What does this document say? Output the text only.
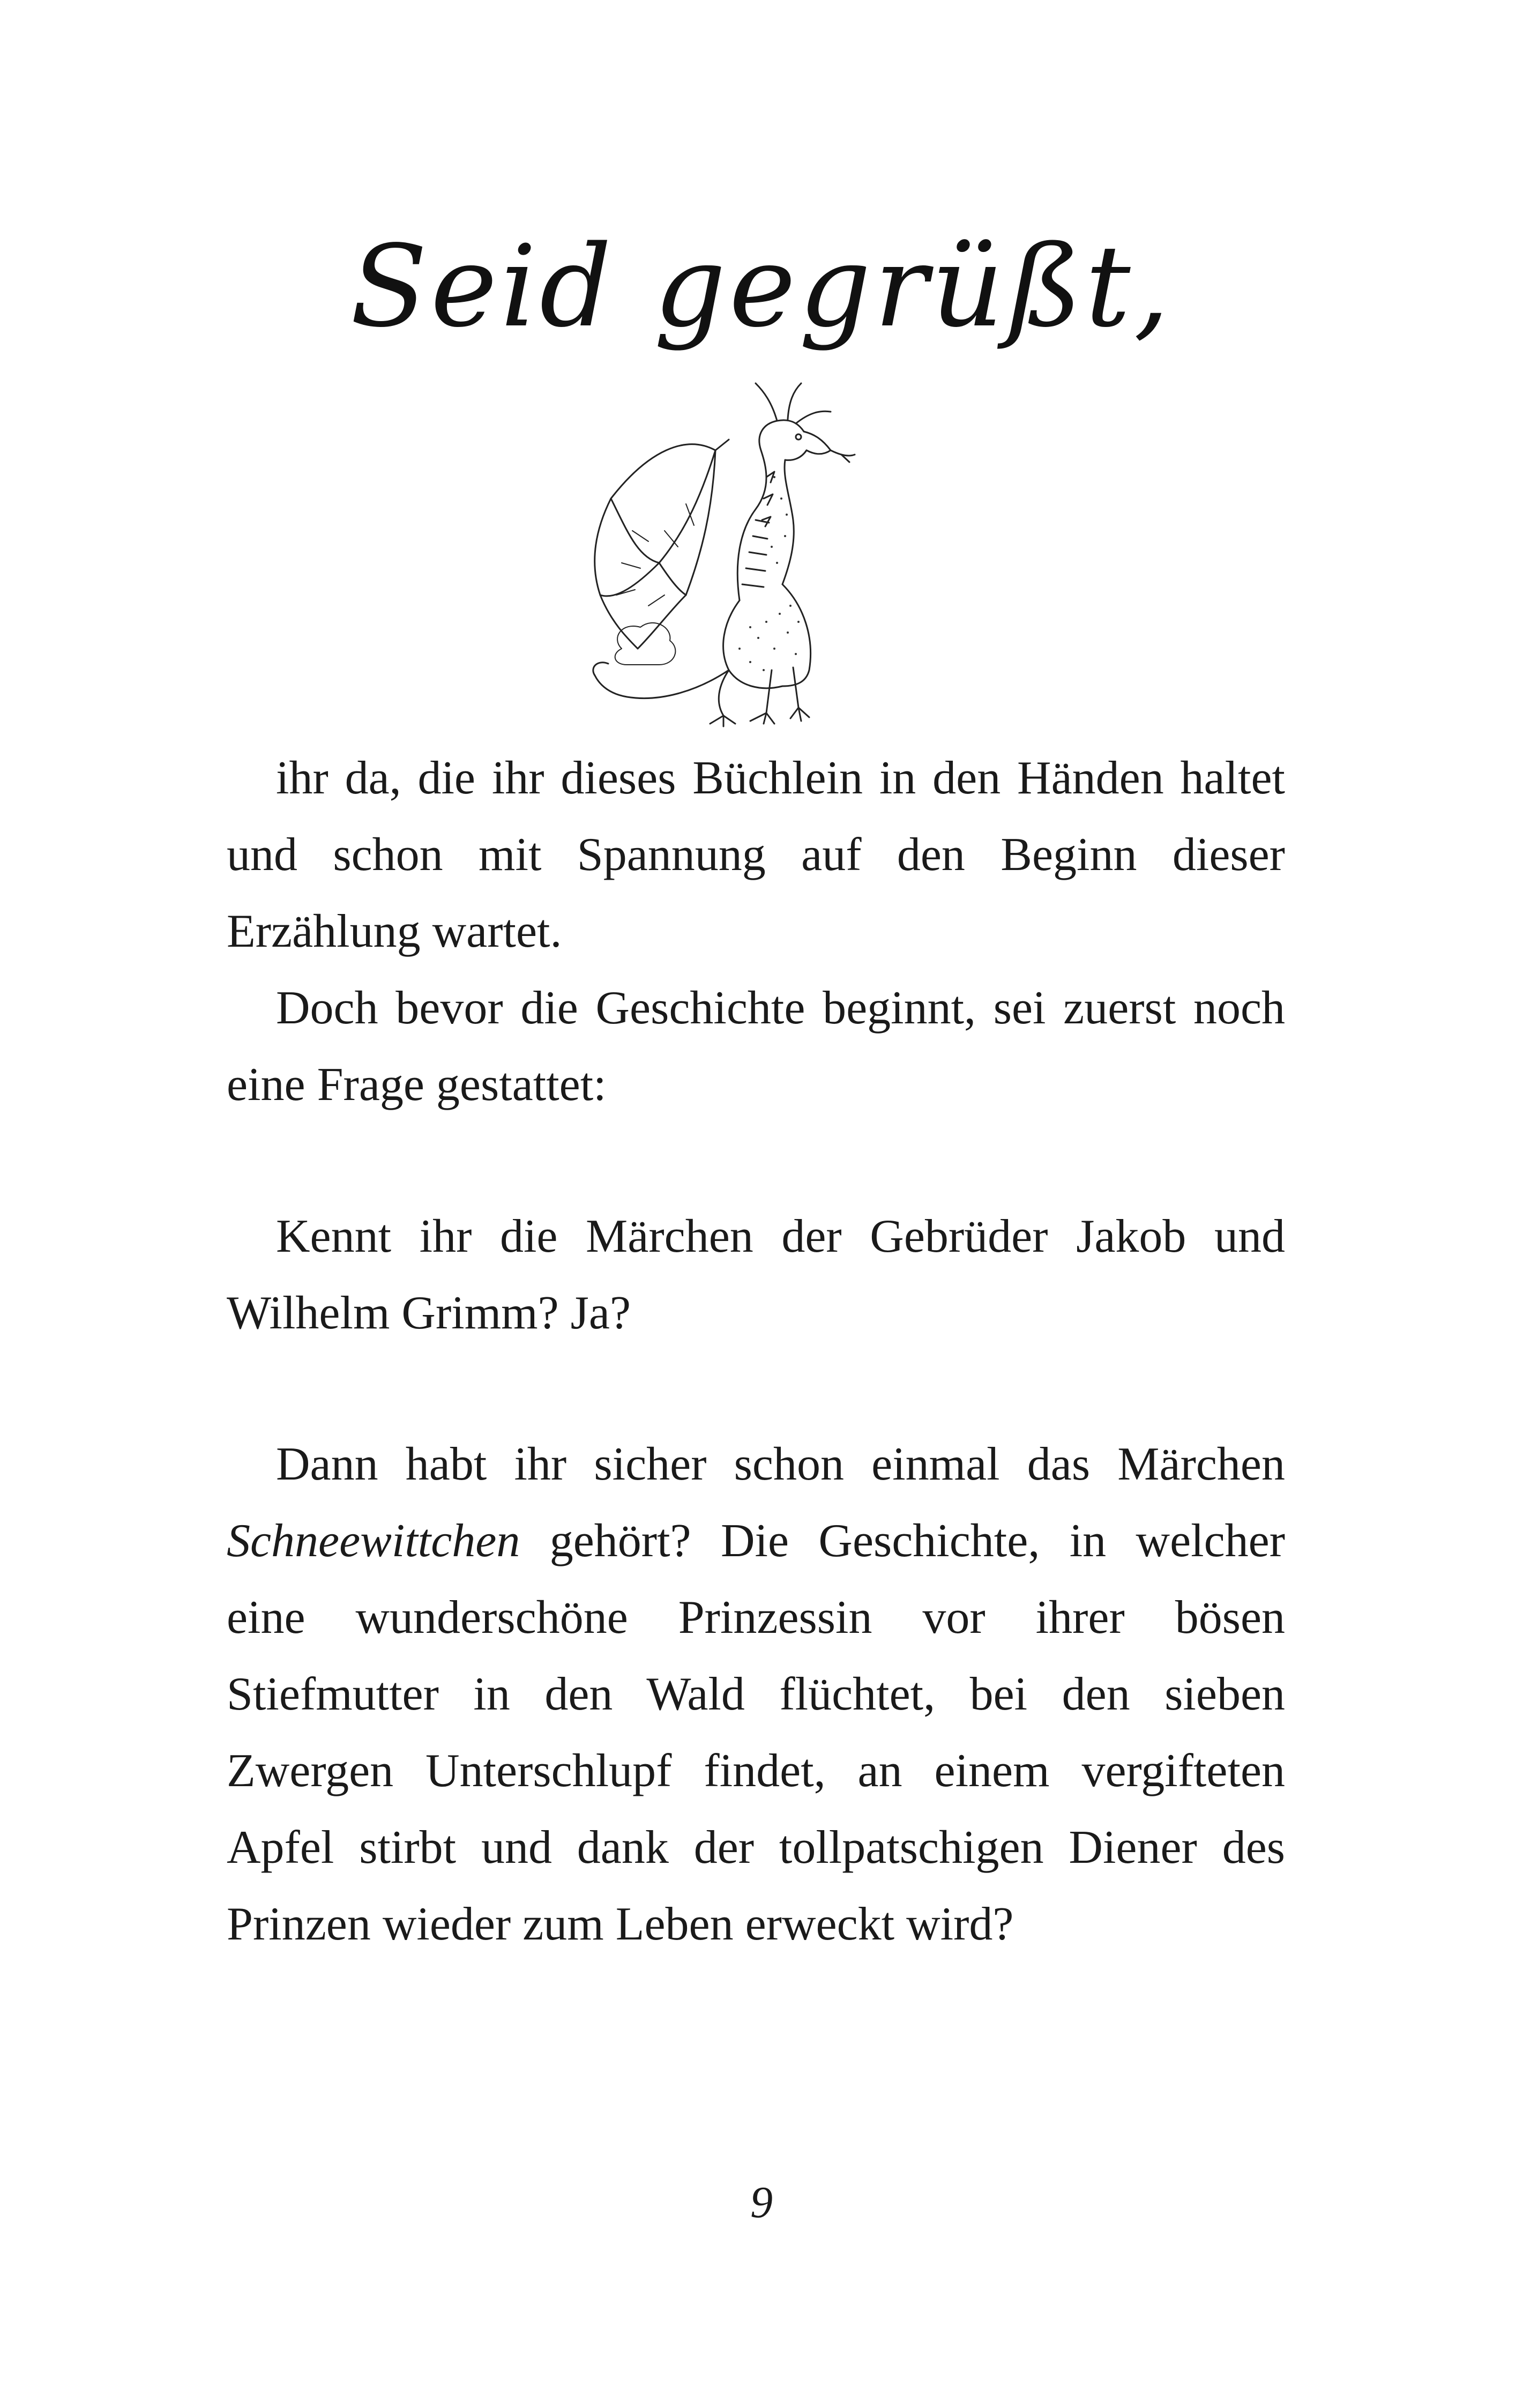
Seid gegrüßt,

ihr da, die ihr dieses Büchlein in den Händen haltet und schon mit Spannung auf den Beginn dieser Erzählung wartet.

Doch bevor die Geschichte beginnt, sei zuerst noch eine Frage gestattet:

Kennt ihr die Märchen der Gebrüder Jakob und Wilhelm Grimm? Ja?

Dann habt ihr sicher schon einmal das Märchen Schneewittchen gehört? Die Geschichte, in welcher eine wunderschöne Prinzessin vor ihrer bösen Stiefmutter in den Wald flüchtet, bei den sieben Zwergen Unterschlupf findet, an einem vergifteten Apfel stirbt und dank der tollpatschigen Diener des Prinzen wieder zum Leben erweckt wird?

9
